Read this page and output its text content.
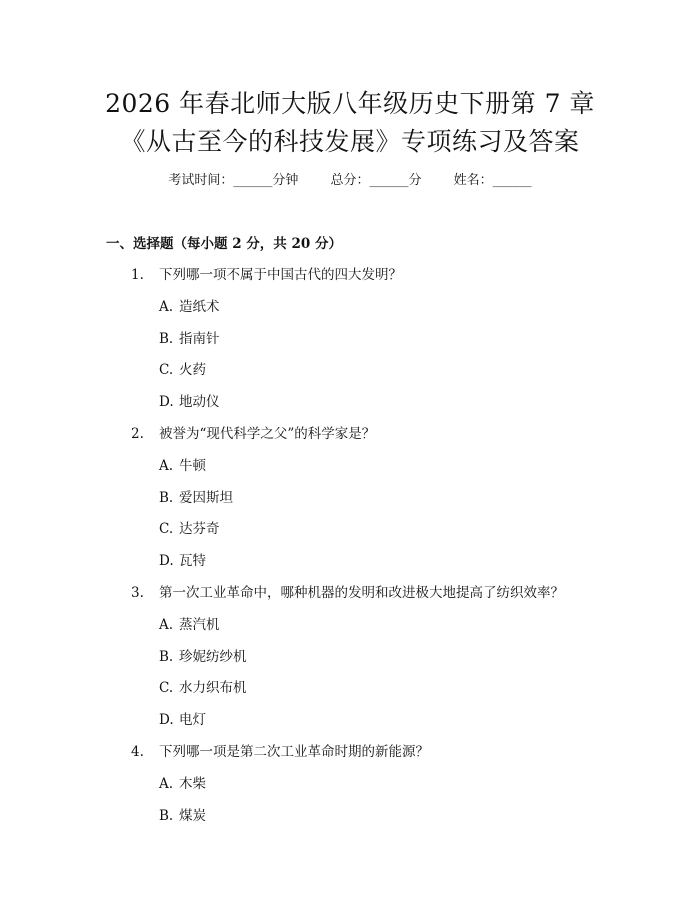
2026 年春北师大版八年级历史下册第 7 章
《从古至今的科技发展》专项练习及答案
考试时间：______分钟 总分：______分 姓名：______
一、选择题（每小题 2 分，共 20 分）
1. 下列哪一项不属于中国古代的四大发明？
A. 造纸术
B. 指南针
C. 火药
D. 地动仪
2. 被誉为“现代科学之父”的科学家是？
A. 牛顿
B. 爱因斯坦
C. 达芬奇
D. 瓦特
3. 第一次工业革命中，哪种机器的发明和改进极大地提高了纺织效率？
A. 蒸汽机
B. 珍妮纺纱机
C. 水力织布机
D. 电灯
4. 下列哪一项是第二次工业革命时期的新能源？
A. 木柴
B. 煤炭
